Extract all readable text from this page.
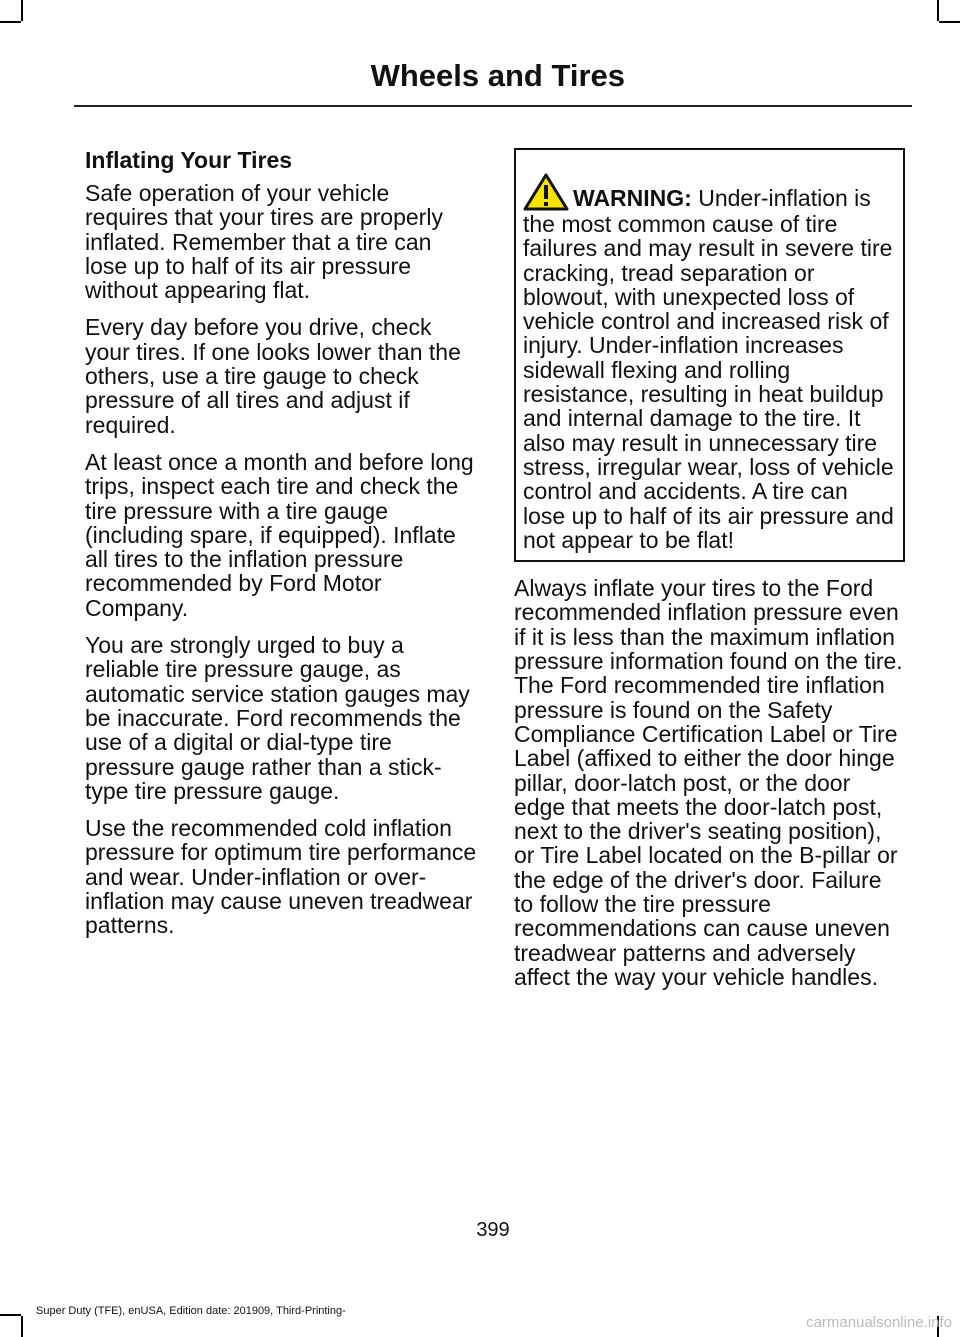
Wheels and Tires
Inflating Your Tires

Safe operation of your vehicle requires that your tires are properly inflated. Remember that a tire can lose up to half of its air pressure without appearing flat.

Every day before you drive, check your tires. If one looks lower than the others, use a tire gauge to check pressure of all tires and adjust if required.

At least once a month and before long trips, inspect each tire and check the tire pressure with a tire gauge (including spare, if equipped). Inflate all tires to the inflation pressure recommended by Ford Motor Company.

You are strongly urged to buy a reliable tire pressure gauge, as automatic service station gauges may be inaccurate. Ford recommends the use of a digital or dial-type tire pressure gauge rather than a stick-type tire pressure gauge.

Use the recommended cold inflation pressure for optimum tire performance and wear. Under-inflation or over-inflation may cause uneven treadwear patterns.

WARNING: Under-inflation is the most common cause of tire failures and may result in severe tire cracking, tread separation or blowout, with unexpected loss of vehicle control and increased risk of injury. Under-inflation increases sidewall flexing and rolling resistance, resulting in heat buildup and internal damage to the tire. It also may result in unnecessary tire stress, irregular wear, loss of vehicle control and accidents. A tire can lose up to half of its air pressure and not appear to be flat!

Always inflate your tires to the Ford recommended inflation pressure even if it is less than the maximum inflation pressure information found on the tire. The Ford recommended tire inflation pressure is found on the Safety Compliance Certification Label or Tire Label (affixed to either the door hinge pillar, door-latch post, or the door edge that meets the door-latch post, next to the driver's seating position), or Tire Label located on the B-pillar or the edge of the driver's door. Failure to follow the tire pressure recommendations can cause uneven treadwear patterns and adversely affect the way your vehicle handles.

399
Super Duty (TFE), enUSA, Edition date: 201909, Third-Printing-
carmanualsonline.info
